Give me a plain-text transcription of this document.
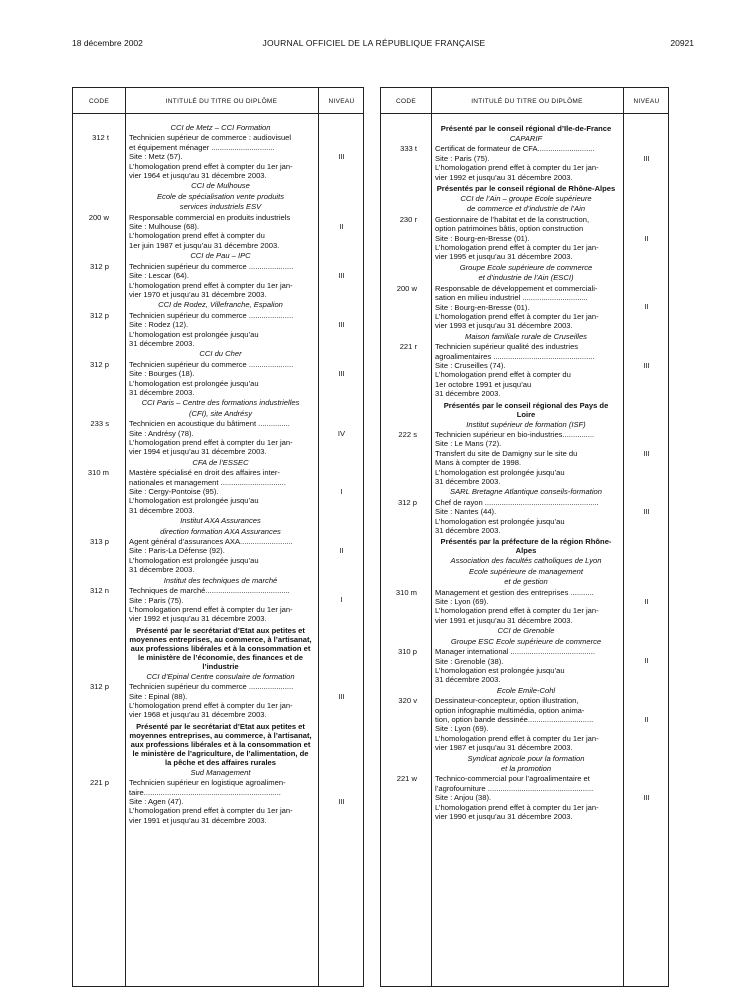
18 décembre 2002	JOURNAL OFFICIEL DE LA RÉPUBLIQUE FRANÇAISE	20921
CODE	INTITULÉ DU TITRE OU DIPLÔME	NIVEAU
CCI de Metz – CCI Formation
312 t	Technicien supérieur de commerce : audiovisuel
et équipement ménager ..............................
Site : Metz (57).
L’homologation prend effet à compter du 1er jan-
vier 1964 et jusqu’au 31 décembre 2003.
III
CCI de Mulhouse
Ecole de spécialisation vente produits
services industriels ESV
200 w	Responsable commercial en produits industriels
Site : Mulhouse (68).
L’homologation prend effet à compter du
1er juin 1987 et jusqu’au 31 décembre 2003.
II
CCI de Pau – IPC
312 p	Technicien supérieur du commerce .....................
Site : Lescar (64).
L’homologation prend effet à compter du 1er jan-
vier 1970 et jusqu’au 31 décembre 2003.
III
CCI de Rodez, Villefranche, Espalion
312 p	Technicien supérieur du commerce .....................
Site : Rodez (12).
L’homologation est prolongée jusqu’au
31 décembre 2003.
III
CCI du Cher
312 p	Technicien supérieur du commerce .....................
Site : Bourges (18).
L’homologation est prolongée jusqu’au
31 décembre 2003.
III
CCI Paris – Centre des formations industrielles
(CFI), site Andrésy
233 s	Technicien en acoustique du bâtiment ...............
Site : Andrésy (78).
L’homologation prend effet à compter du 1er jan-
vier 1994 et jusqu’au 31 décembre 2003.
IV
CFA de l’ESSEC
310 m	Mastère spécialisé en droit des affaires inter-
nationales et management ...............................
Site : Cergy-Pontoise (95).
L’homologation est prolongée jusqu’au
31 décembre 2003.
I
Institut AXA Assurances
direction formation AXA Assurances
313 p	Agent général d’assurances AXA.........................
Site : Paris-La Défense (92).
L’homologation est prolongée jusqu’au
31 décembre 2003.
II
Institut des techniques de marché
312 n	Techniques de marché........................................
Site : Paris (75).
L’homologation prend effet à compter du 1er jan-
vier 1992 et jusqu’au 31 décembre 2003.
I
Présenté par le secrétariat d’Etat aux petites et moyennes entreprises, au commerce, à l’artisanat, aux professions libérales et à la consommation et le ministère de l’économie, des finances et de l’industrie
CCI d’Epinal Centre consulaire de formation
312 p	Technicien supérieur du commerce .....................
Site : Epinal (88).
L’homologation prend effet à compter du 1er jan-
vier 1968 et jusqu’au 31 décembre 2003.
III
Présenté par le secrétariat d’Etat aux petites et moyennes entreprises, au commerce, à l’artisanat, aux professions libérales et à la consommation et le ministère de l’agriculture, de l’alimentation, de la pêche et des affaires rurales
Sud Management
221 p	Technicien supérieur en logistique agroalimen-
taire.................................................................
Site : Agen (47).
L’homologation prend effet à compter du 1er jan-
vier 1991 et jusqu’au 31 décembre 2003.
III
CODE	INTITULÉ DU TITRE OU DIPLÔME	NIVEAU
Présenté par le conseil régional d’Ile-de-France
CAPARIF
333 t Certificat de formateur de CFA...........................
Site : Paris (75).
L’homologation prend effet à compter du 1er jan-
vier 1992 et jusqu’au 31 décembre 2003.
III
Présentés par le conseil régional de Rhône-Alpes
CCI de l’Ain – groupe Ecole supérieure
de commerce et d’industrie de l’Ain
230 r Gestionnaire de l’habitat et de la construction,
option patrimoines bâtis, option construction
Site : Bourg-en-Bresse (01).
L’homologation prend effet à compter du 1er jan-
vier 1995 et jusqu’au 31 décembre 2003.
II
Groupe Ecole supérieure de commerce
et d’industrie de l’Ain (ESCI)
200 w Responsable de développement et commerciali-
sation en milieu industriel ...............................
Site : Bourg-en-Bresse (01).
L’homologation prend effet à compter du 1er jan-
vier 1993 et jusqu’au 31 décembre 2003.
II
Maison familiale rurale de Cruseilles
221 r Technicien supérieur qualité des industries
agroalimentaires ................................................
Site : Cruseilles (74).
L’homologation prend effet à compter du
1er octobre 1991 et jusqu’au
31 décembre 2003.
III
Présentés par le conseil régional des Pays de Loire
Institut supérieur de formation (ISF)
222 s Technicien supérieur en bio-industries...............
Site : Le Mans (72).
Transfert du site de Damigny sur le site du
Mans à compter de 1998.
L’homologation est prolongée jusqu’au
31 décembre 2003.
III
SARL Bretagne Atlantique conseils-formation
312 p Chef de rayon ......................................................
Site : Nantes (44).
L’homologation est prolongée jusqu’au
31 décembre 2003.
III
Présentés par la préfecture de la région Rhône-Alpes
Association des facultés catholiques de Lyon
Ecole supérieure de management
et de gestion
310 m Management et gestion des entreprises ...........
Site : Lyon (69).
L’homologation prend effet à compter du 1er jan-
vier 1991 et jusqu’au 31 décembre 2003.
II
CCI de Grenoble
Groupe ESC Ecole supérieure de commerce
310 p Manager international ........................................
Site : Grenoble (38).
L’homologation est prolongée jusqu’au
31 décembre 2003.
II
Ecole Emile-Cohl
320 v Dessinateur-concepteur, option illustration,
option infographie multimédia, option anima-
tion, option bande dessinée...............................
Site : Lyon (69).
L’homologation prend effet à compter du 1er jan-
vier 1987 et jusqu’au 31 décembre 2003.
II
Syndicat agricole pour la formation
et la promotion
221 w Technico-commercial pour l’agroalimentaire et
l’agrofourniture ..................................................
Site : Anjou (38).
L’homologation prend effet à compter du 1er jan-
vier 1990 et jusqu’au 31 décembre 2003.
III
